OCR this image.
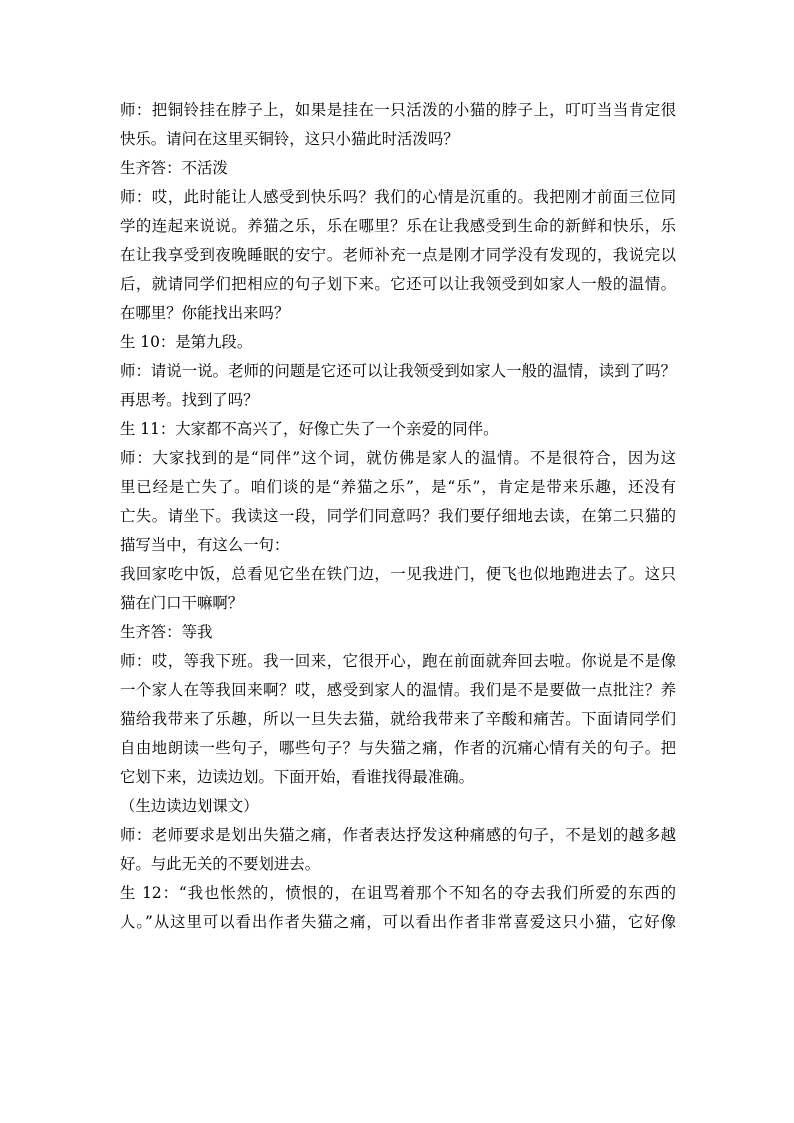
师：把铜铃挂在脖子上，如果是挂在一只活泼的小猫的脖子上，叮叮当当肯定很
快乐。请问在这里买铜铃，这只小猫此时活泼吗？
生齐答：不活泼
师：哎，此时能让人感受到快乐吗？我们的心情是沉重的。我把刚才前面三位同
学的连起来说说。养猫之乐，乐在哪里？乐在让我感受到生命的新鲜和快乐，乐
在让我享受到夜晚睡眠的安宁。老师补充一点是刚才同学没有发现的，我说完以
后，就请同学们把相应的句子划下来。它还可以让我领受到如家人一般的温情。
在哪里？你能找出来吗？
生 10：是第九段。
师：请说一说。老师的问题是它还可以让我领受到如家人一般的温情，读到了吗？
再思考。找到了吗？
生 11：大家都不高兴了，好像亡失了一个亲爱的同伴。
师：大家找到的是“同伴”这个词，就仿佛是家人的温情。不是很符合，因为这
里已经是亡失了。咱们谈的是“养猫之乐”，是“乐”，肯定是带来乐趣，还没有
亡失。请坐下。我读这一段，同学们同意吗？我们要仔细地去读，在第二只猫的
描写当中，有这么一句：
我回家吃中饭，总看见它坐在铁门边，一见我进门，便飞也似地跑进去了。这只
猫在门口干嘛啊？
生齐答：等我
师：哎，等我下班。我一回来，它很开心，跑在前面就奔回去啦。你说是不是像
一个家人在等我回来啊？哎，感受到家人的温情。我们是不是要做一点批注？养
猫给我带来了乐趣，所以一旦失去猫，就给我带来了辛酸和痛苦。下面请同学们
自由地朗读一些句子，哪些句子？与失猫之痛，作者的沉痛心情有关的句子。把
它划下来，边读边划。下面开始，看谁找得最准确。
（生边读边划课文）
师：老师要求是划出失猫之痛，作者表达抒发这种痛感的句子，不是划的越多越
好。与此无关的不要划进去。
生 12：“我也怅然的，愤恨的，在诅骂着那个不知名的夺去我们所爱的东西的
人。”从这里可以看出作者失猫之痛，可以看出作者非常喜爱这只小猫，它好像
